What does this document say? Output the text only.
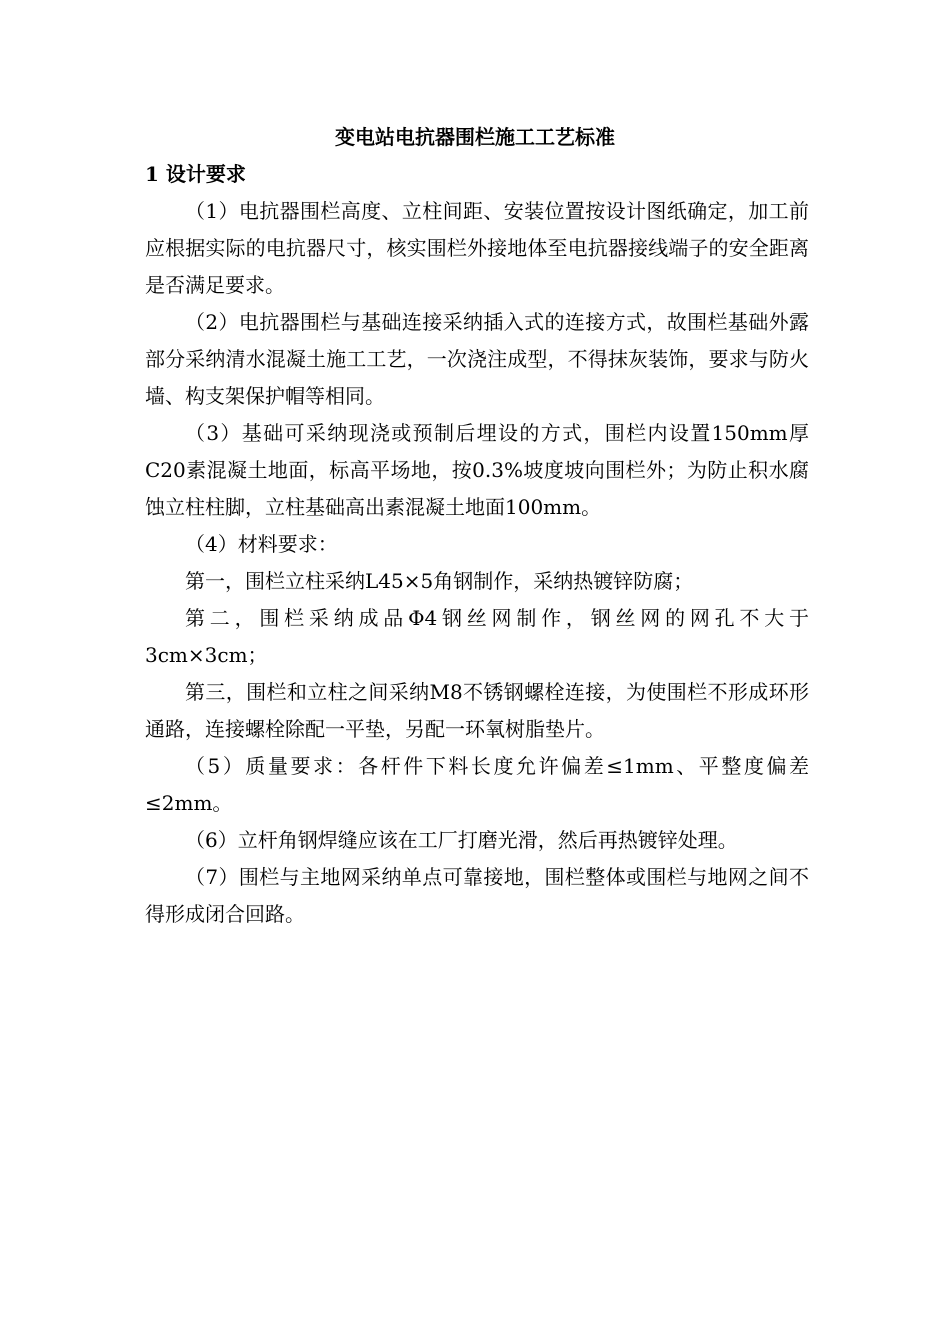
变电站电抗器围栏施工工艺标准
1 设计要求

（1）电抗器围栏高度、立柱间距、安装位置按设计图纸确定，加工前应根据实际的电抗器尺寸，核实围栏外接地体至电抗器接线端子的安全距离是否满足要求。

（2）电抗器围栏与基础连接采纳插入式的连接方式，故围栏基础外露部分采纳清水混凝土施工工艺，一次浇注成型，不得抹灰装饰，要求与防火墙、构支架保护帽等相同。

（3）基础可采纳现浇或预制后埋设的方式，围栏内设置150mm厚C20素混凝土地面，标高平场地，按0.3%坡度坡向围栏外；为防止积水腐蚀立柱柱脚，立柱基础高出素混凝土地面100mm。

（4）材料要求：

第一，围栏立柱采纳L45×5角钢制作，采纳热镀锌防腐；

第二，围栏采纳成品Φ4钢丝网制作，钢丝网的网孔不大于3cm×3cm；

第三，围栏和立柱之间采纳M8不锈钢螺栓连接，为使围栏不形成环形通路，连接螺栓除配一平垫，另配一环氧树脂垫片。

（5）质量要求：各杆件下料长度允许偏差≤1mm、平整度偏差≤2mm。

（6）立杆角钢焊缝应该在工厂打磨光滑，然后再热镀锌处理。

（7）围栏与主地网采纳单点可靠接地，围栏整体或围栏与地网之间不得形成闭合回路。
